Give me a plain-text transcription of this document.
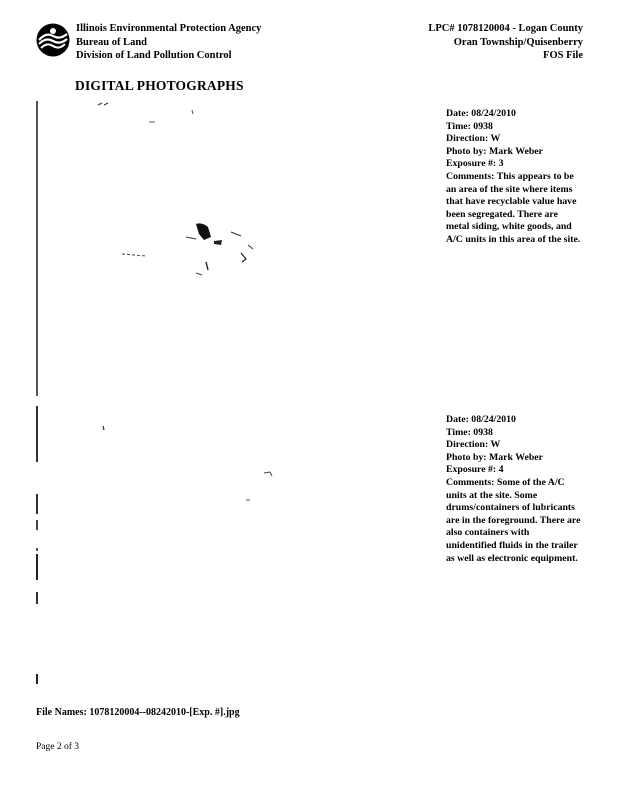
Illinois Environmental Protection Agency
Bureau of Land
Division of Land Pollution Control
LPC# 1078120004 - Logan County
Oran Township/Quisenberry
FOS File
DIGITAL PHOTOGRAPHS
Date: 08/24/2010
Time: 0938
Direction: W
Photo by: Mark Weber
Exposure #: 3
Comments: This appears to be an area of the site where items that have recyclable value have been segregated. There are metal siding, white goods, and A/C units in this area of the site.
Date: 08/24/2010
Time: 0938
Direction: W
Photo by: Mark Weber
Exposure #: 4
Comments: Some of the A/C units at the site. Some drums/containers of lubricants are in the foreground. There are also containers with unidentified fluids in the trailer as well as electronic equipment.
File Names: 1078120004--08242010-[Exp. #].jpg
Page 2 of 3
